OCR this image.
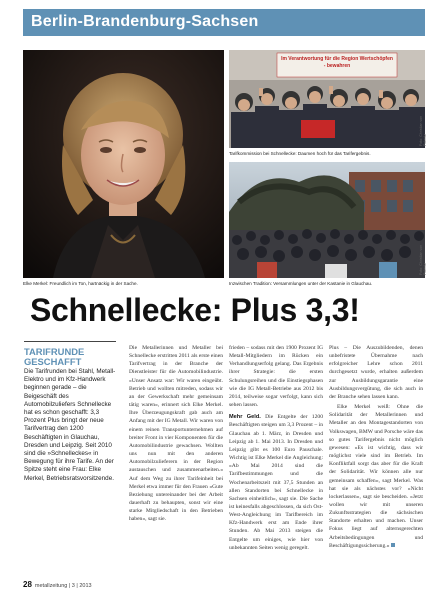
Berlin-Brandenburg-Sachsen
Elke Merkel: Freundlich im Ton, hartnäckig in der Sache.
Im Verantwortung für die Region Wertschöpfen - bewahren
Tarifkommission bei Schnellecke: Daumen hoch für das Tarifergebnis.
Foto: Christian von Polentz
Inzwischen Tradition: Versammlungen unter der Kastanie in Glauchau.
Foto: Christian von Polentz
Schnellecke: Plus 3,3!
TARIFRUNDE
GESCHAFFT
Die Tarifrunden bei Stahl, Metall-Elektro und im Kfz-Handwerk beginnen gerade – die Beigeschäft des Automobilzuliefers Schnellecke hat es schon geschafft: 3,3 Prozent Plus bringt der neue Tarifvertrag den 1200 Beschäftigten in Glauchau, Dresden und Leipzig. Seit 2010 sind die »Schnelleckes« in Bewegung für ihre Tarife. An der Spitze steht eine Frau: Elke Merkel, Betriebsratsvorsitzende.

Die Metallerinnen und Metaller bei Schnellecke erstritten 2011 als erste einen Tarifvertrag in der Branche der Dienstleister für die Automobilindustrie. »Unser Ansatz war: Wir waren eingeübt. Betrieb und wollten mitreden, sodass wir an der Gewerkschaft mehr gemeinsam tätig waren«, erinnert sich Elke Merkel. Ihre Überzeugungskraft gab auch am Anfang mit der IG Metall. Wir waren von einem reinen Transportunternehmen auf breiter Front in vier Komponenten für die Automobilindustrie gewachsen. Wollten uns nun mit den anderen Automobilzulieferern in der Region austauschen und zusammenarbeiten.« Auf dem Weg zu ihrer Tarifeinheit bei Merkel etwa immer für den Frauen «Gute Beziehung untereinander bei der Arbeit dauerhaft zu behaupten, sonst wir eine starke Mitgliedschaft in den Betrieben haben«, sagt sie.

frieden – sodass mit den 1900 Prozent IG Metall-Mitgliedern im Rücken ein Verhandlungserfolg gelang. Das Ergebnis ihrer Strategie: die ersten Schulungsreihen und die Einstiegsphasen wie die IG Metall-Betriebe aus 2012 bis 2014, teilweise sogar verfolgt, kann sich sehen lassen.

Mehr Geld. Die Entgelte der 1200 Beschäftigten steigen um 3,3 Prozent – in Glauchau ab 1. März, in Dresden und Leipzig ab 1. Mai 2013. In Dresden und Leipzig gibt es 100 Euro Pauschale. Wichtig ist Elke Merkel die Angleichung: »Ab Mai 2014 sind die Tarifbestimmungen und die Wochenarbeitszeit mit 37,5 Stunden an allen Standorten bei Schnellecke in Sachsen einheitlich«, sagt sie. Die Sache ist keinesfalls abgeschlossen, da sich Ost-West-Angleichung im Tarifbereich im Kfz-Handwerk erst am Ende ihrer Stunden. Ab Mai 2013 steigen die Entgelte um einiges, wie hier von unbekannten Seiten wenig geregelt.

Plus – Die Auszubildenden, denen unbefristete Übernahme nach erfolgreicher Lehre schon 2011 durchgesetzt wurde, erhalten außerdem zur Ausbildungsgarantie eine Ausbildungsvergütung, die sich auch in der Branche sehen lassen kann.

Elke Merkel weiß: Ohne die Solidarität der Metallerinnen und Metaller an den Montagestandorten von Volkswagen, BMW und Porsche wäre das so gutes Tarifergebnis nicht möglich gewesen: »Es ist wichtig, dass wir möglichst viele sind im Betrieb. Im Konfliktfall sorgt das aber für die Kraft der Solidarität. Wir können alle nur gemeinsam schaffen«, sagt Merkel. Was hat sie als nächstes vor? »Nicht lockerlassen«, sagt sie bescheiden. »Jetzt wollen wir mit unseren Zukunftsstrategien die sächsischen Standorte erhalten und machen. Unser Fokus liegt auf alternsgerechten Arbeitsbedingungen und Beschäftigungssicherung.«

28 metallzeitung | 3 | 2013
